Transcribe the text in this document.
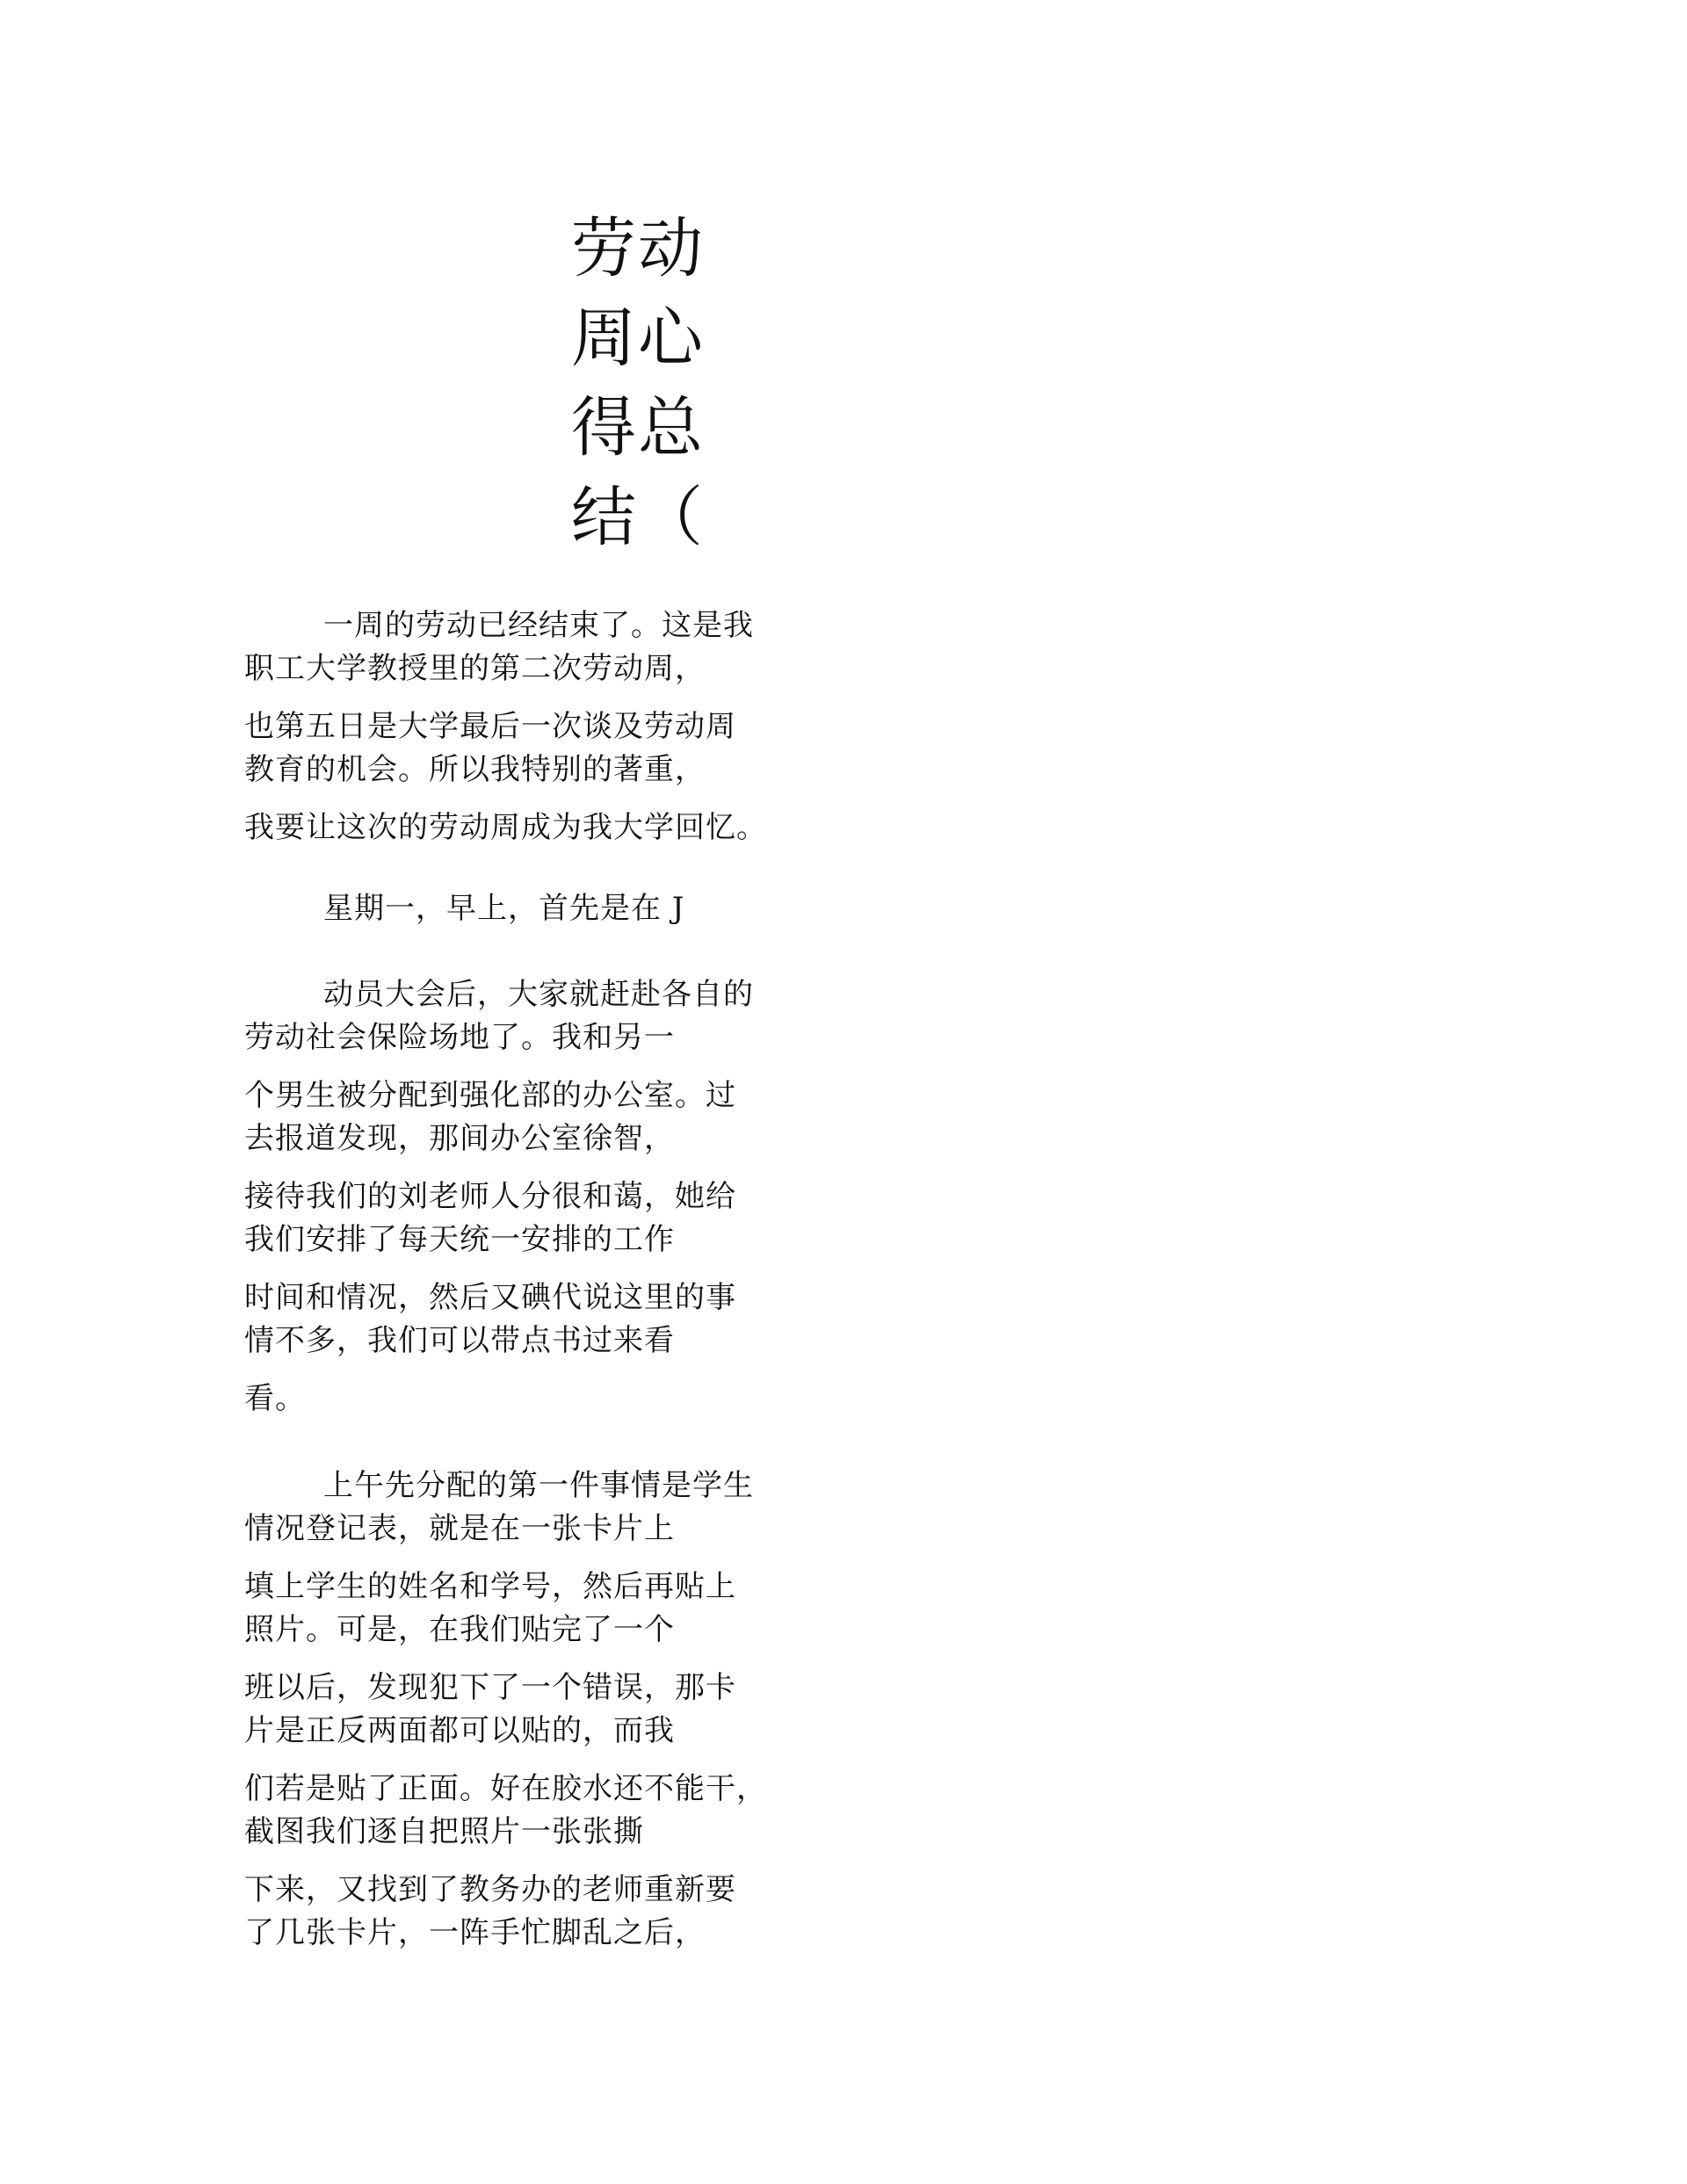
劳动
周心
得总
结（
一周的劳动已经结束了。这是我
职工大学教授里的第二次劳动周，
也第五日是大学最后一次谈及劳动周
教育的机会。所以我特别的著重，
我要让这次的劳动周成为我大学回忆。
星期一，早上，首先是在 J
动员大会后，大家就赶赴各自的
劳动社会保险场地了。我和另一
个男生被分配到强化部的办公室。过
去报道发现，那间办公室徐智，
接待我们的刘老师人分很和蔼，她给
我们安排了每天统一安排的工作
时间和情况，然后又碘代说这里的事
情不多，我们可以带点书过来看
看。
上午先分配的第一件事情是学生
情况登记表，就是在一张卡片上
填上学生的姓名和学号，然后再贴上
照片。可是，在我们贴完了一个
班以后，发现犯下了一个错误，那卡
片是正反两面都可以贴的，而我
们若是贴了正面。好在胶水还不能干，
截图我们逐自把照片一张张撕
下来，又找到了教务办的老师重新要
了几张卡片，一阵手忙脚乱之后，
